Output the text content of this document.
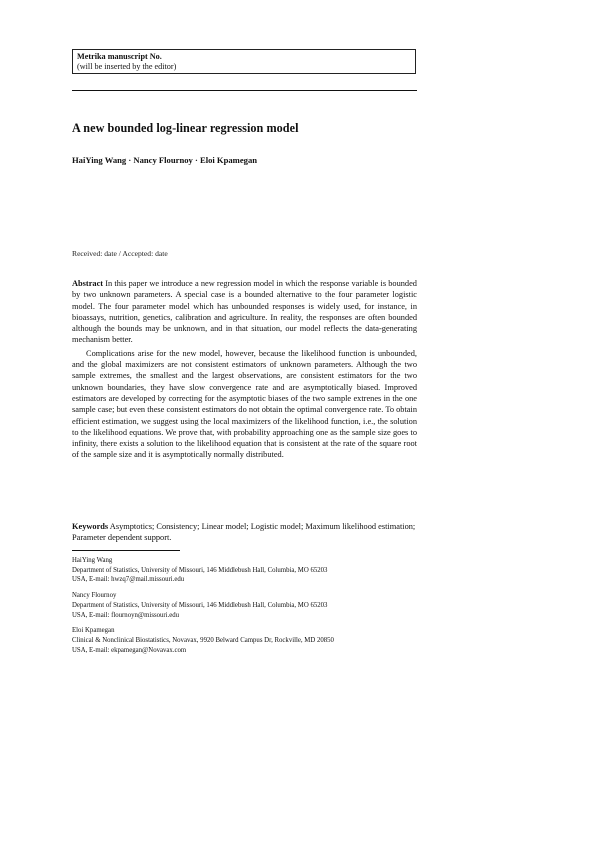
Metrika manuscript No.
(will be inserted by the editor)
A new bounded log-linear regression model
HaiYing Wang · Nancy Flournoy · Eloi Kpamegan
Received: date / Accepted: date

Abstract In this paper we introduce a new regression model in which the response variable is bounded by two unknown parameters. A special case is a bounded alternative to the four parameter logistic model. The four parameter model which has unbounded responses is widely used, for instance, in bioassays, nutrition, genetics, calibration and agriculture. In reality, the responses are often bounded although the bounds may be unknown, and in that situation, our model reflects the data-generating mechanism better.

Complications arise for the new model, however, because the likelihood function is unbounded, and the global maximizers are not consistent estimators of unknown parameters. Although the two sample extremes, the smallest and the largest observations, are consistent estimators for the two unknown boundaries, they have slow convergence rate and are asymptotically biased. Improved estimators are developed by correcting for the asymptotic biases of the two sample extrenes in the one sample case; but even these consistent estimators do not obtain the optimal convergence rate. To obtain efficient estimation, we suggest using the local maximizers of the likelihood function, i.e., the solution to the likelihood equations. We prove that, with probability approaching one as the sample size goes to infinity, there exists a solution to the likelihood equation that is consistent at the rate of the square root of the sample size and it is asymptotically normally distributed.

Keywords Asymptotics; Consistency; Linear model; Logistic model; Maximum likelihood estimation; Parameter dependent support.
HaiYing Wang
Department of Statistics, University of Missouri, 146 Middlebush Hall, Columbia, MO 65203
USA, E-mail: hwzq7@mail.missouri.edu
Nancy Flournoy
Department of Statistics, University of Missouri, 146 Middlebush Hall, Columbia, MO 65203
USA, E-mail: flournoyn@missouri.edu
Eloi Kpamegan
Clinical & Nonclinical Biostatistics, Novavax, 9920 Belward Campus Dr, Rockville, MD 20850
USA, E-mail: ekpamegan@Novavax.com
